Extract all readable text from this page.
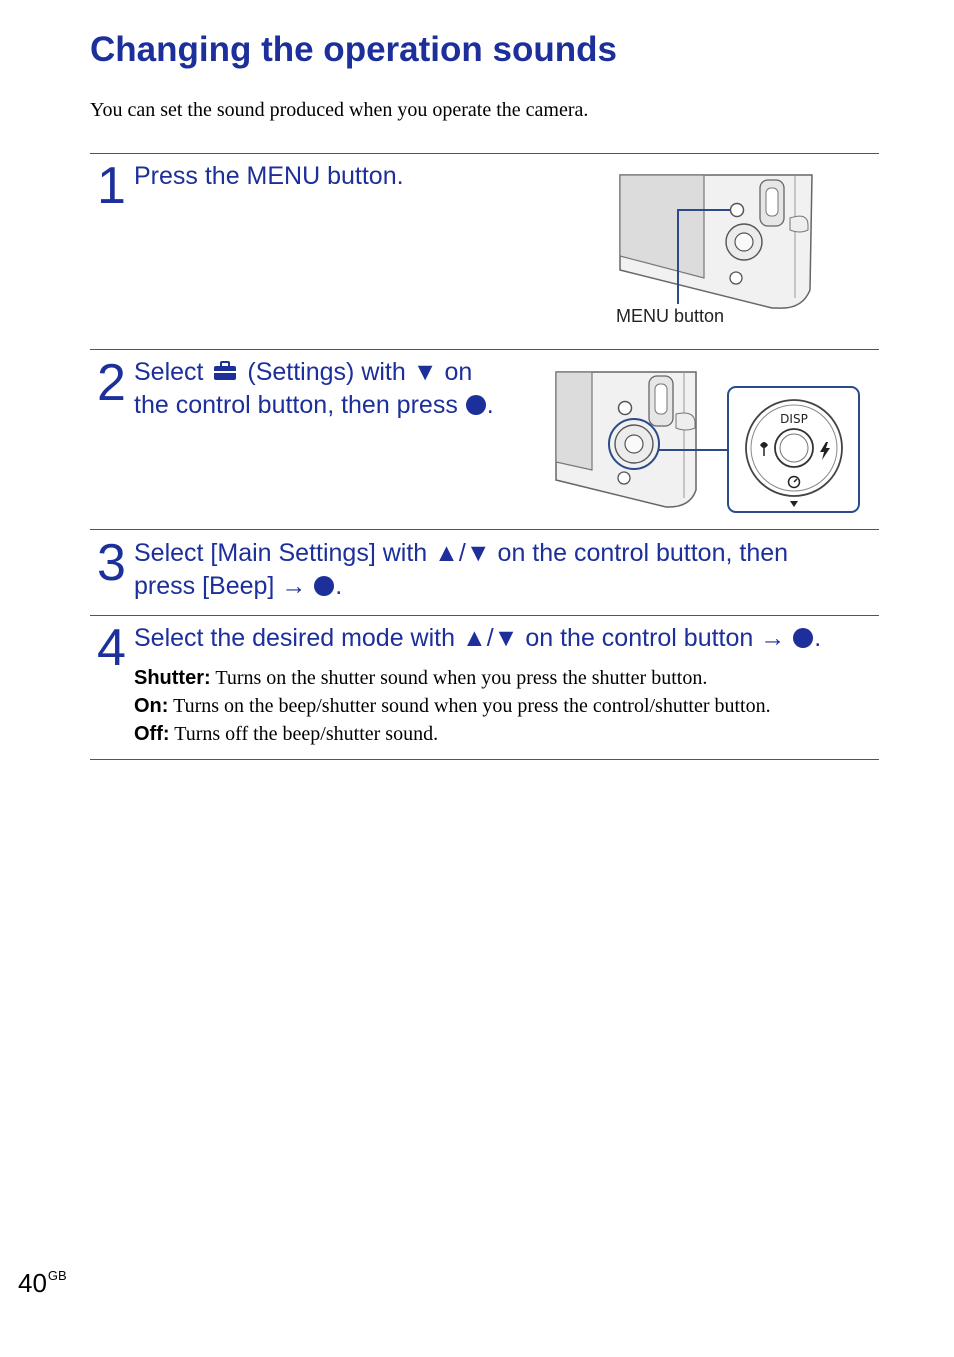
Changing the operation sounds

You can set the sound produced when you operate the camera.

1 Press the MENU button.

MENU button

2 Select (Settings) with ▼ on
the control button, then press .	DISP
3 Select [Main Settings] with ▲/▼ on the control button, then
press [Beep] → .

4 Select the desired mode with ▲/▼ on the control button → .

Shutter: Turns on the shutter sound when you press the shutter button.
On: Turns on the beep/shutter sound when you press the control/shutter button.
Off: Turns off the beep/shutter sound.

$40^{GB}$
